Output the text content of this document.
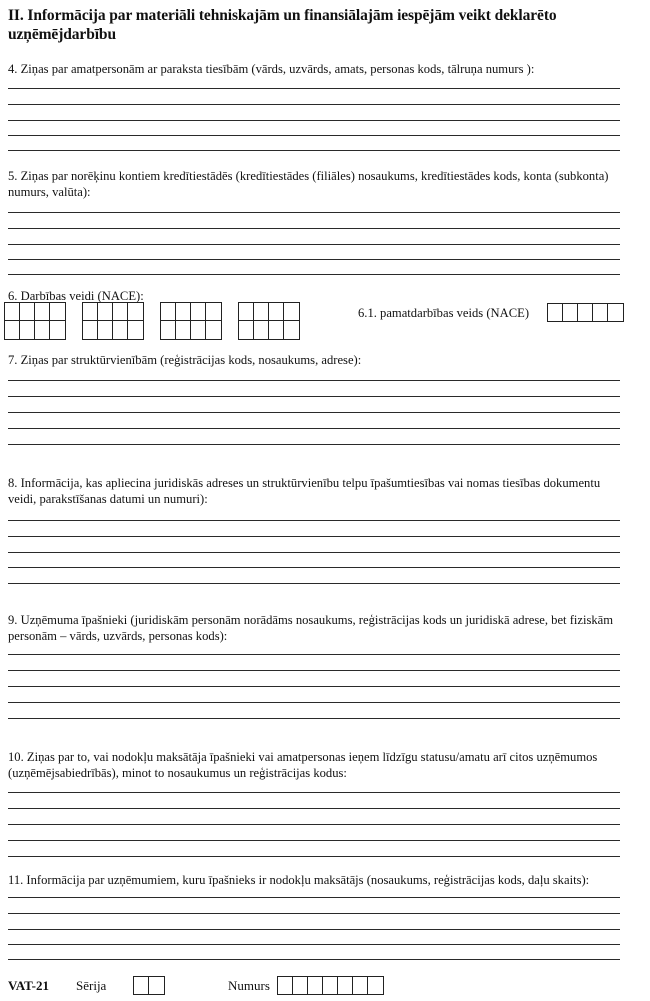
II. Informācija par materiāli tehniskajām un finansiālajām iespējām veikt deklarēto uzņēmējdarbību
4. Ziņas par amatpersonām ar paraksta tiesībām (vārds, uzvārds, amats, personas kods, tālruņa numurs ):
5. Ziņas par norēķinu kontiem kredītiestādēs (kredītiestādes (filiāles) nosaukums, kredītiestādes kods, konta (subkonta) numurs, valūta):
6. Darbības veidi (NACE):
6.1. pamatdarbības veids (NACE)
7. Ziņas par struktūrvienībām (reģistrācijas kods, nosaukums, adrese):
8. Informācija, kas apliecina juridiskās adreses un struktūrvienību telpu īpašumtiesības vai nomas tiesības dokumentu veidi, parakstīšanas datumi un numuri):
9. Uzņēmuma īpašnieki (juridiskām personām norādāms nosaukums, reģistrācijas kods un juridiskā adrese, bet fiziskām personām – vārds, uzvārds, personas kods):
10. Ziņas par to, vai nodokļu maksātāja īpašnieki vai amatpersonas ieņem līdzīgu statusu/amatu arī citos uzņēmumos (uzņēmējsabiedrībās), minot to nosaukumus un reģistrācijas kodus:
11. Informācija par uzņēmumiem, kuru īpašnieks ir nodokļu maksātājs (nosaukums, reģistrācijas kods, daļu skaits):
VAT-21 Sērija	Numurs
